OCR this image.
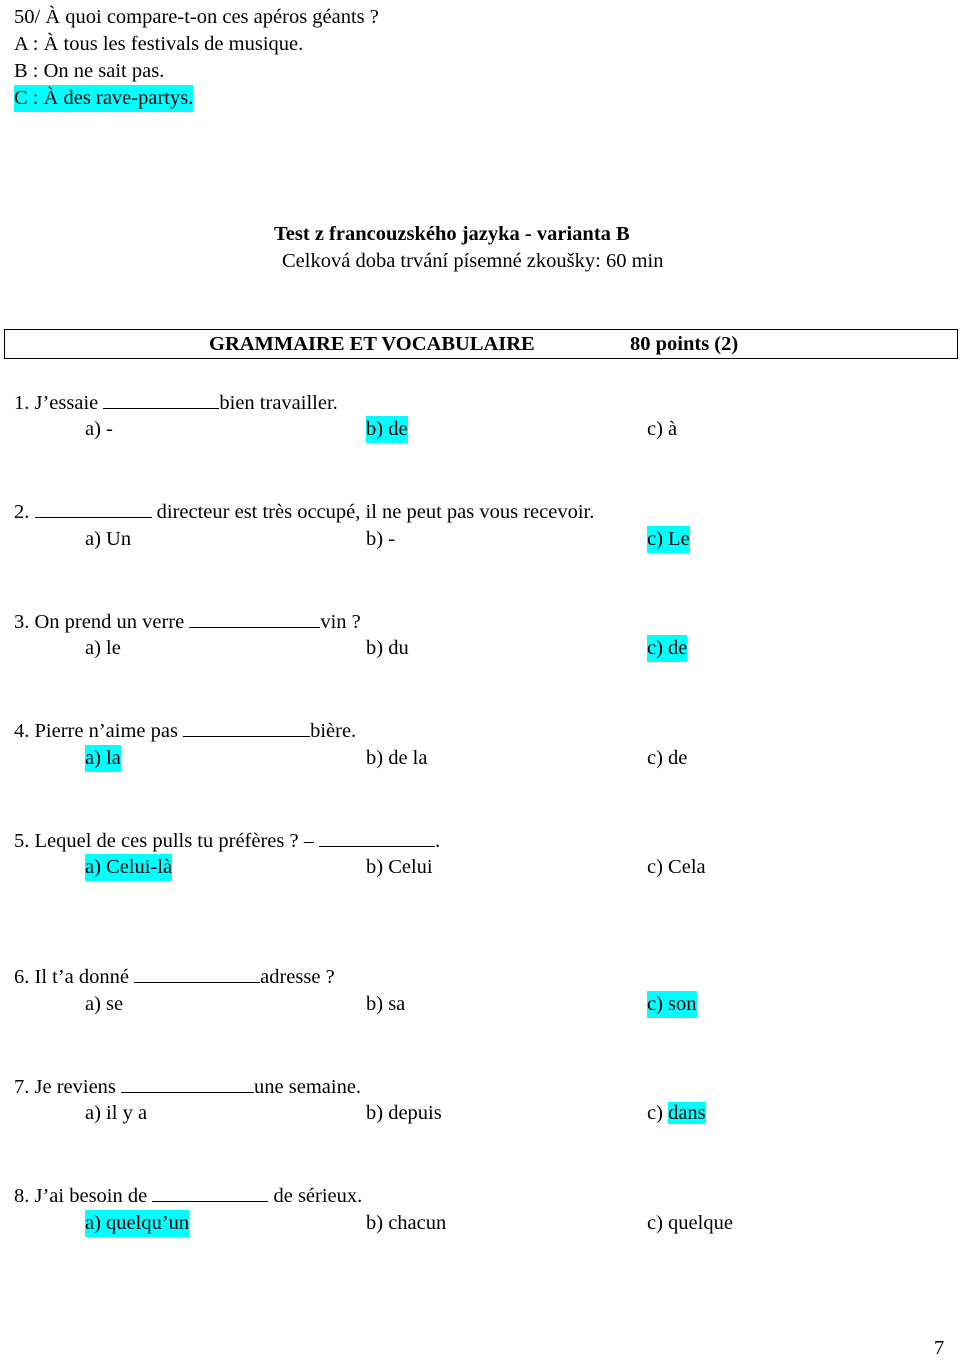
50/ À quoi compare-t-on ces apéros géants ?
A : À tous les festivals de musique.
B : On ne sait pas.
C : À des rave-partys.
Test z francouzského jazyka - varianta B
Celková doba trvání písemné zkoušky: 60 min
GRAMMAIRE ET VOCABULAIRE	80 points (2)
1. J’essaie	bien travailler.
a) -	b) de	c) à
2.	directeur est très occupé, il ne peut pas vous recevoir.
a) Un	b) -	c) Le
3. On prend un verre	vin ?
a) le	b) du	c) de
4. Pierre n’aime pas	bière.
a) la	b) de la	c) de
5. Lequel de ces pulls tu préfères ? –	.
a) Celui-là	b) Celui	c) Cela
6. Il t’a donné	adresse ?
a) se	b) sa	c) son
7. Je reviens	une semaine.
a) il y a	b) depuis	c) dans
8. J’ai besoin de	de sérieux.
a) quelqu’un	b) chacun	c) quelque
7
